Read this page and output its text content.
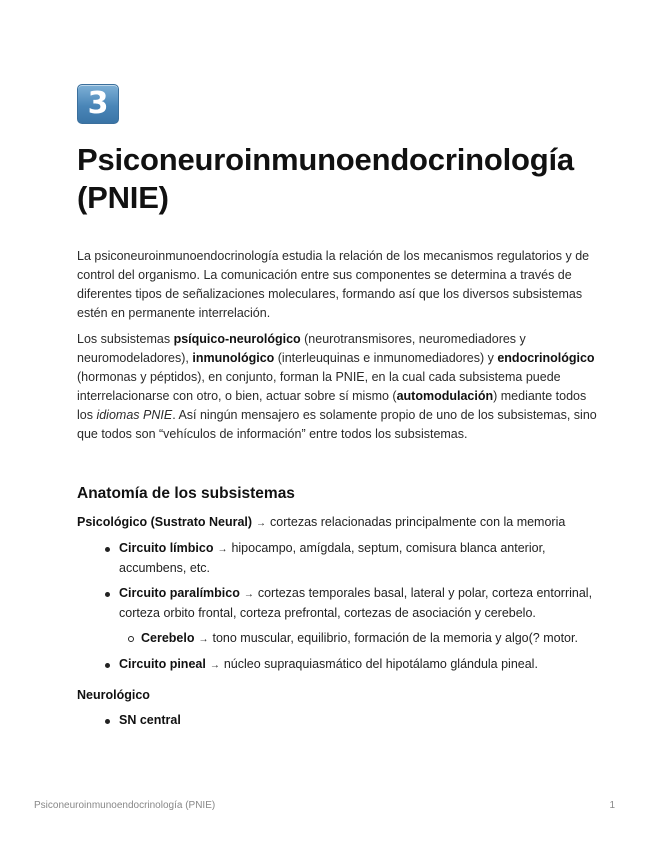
3
Psiconeuroinmunoendocrinología (PNIE)

La psiconeuroinmunoendocrinología estudia la relación de los mecanismos regulatorios y de control del organismo. La comunicación entre sus componentes se determina a través de diferentes tipos de señalizaciones moleculares, formando así que los diversos subsistemas estén en permanente interrelación.

Los subsistemas psíquico-neurológico (neurotransmisores, neuromediadores y neuromodeladores), inmunológico (interleuquinas e inmunomediadores) y endocrinológico (hormonas y péptidos), en conjunto, forman la PNIE, en la cual cada subsistema puede interrelacionarse con otro, o bien, actuar sobre sí mismo (automodulación) mediante todos los idiomas PNIE. Así ningún mensajero es solamente propio de uno de los subsistemas, sino que todos son “vehículos de información” entre todos los subsistemas.

Anatomía de los subsistemas
Psicológico (Sustrato Neural) → cortezas relacionadas principalmente con la memoria
Circuito límbico → hipocampo, amígdala, septum, comisura blanca anterior, accumbens, etc.
Circuito paralímbico → cortezas temporales basal, lateral y polar, corteza entorrinal, corteza orbito frontal, corteza prefrontal, cortezas de asociación y cerebelo.
Cerebelo → tono muscular, equilibrio, formación de la memoria y algo(? motor.
Circuito pineal → núcleo supraquiasmático del hipotálamo glándula pineal.
Neurológico
SN central
Psiconeuroinmunoendocrinología (PNIE)	1
